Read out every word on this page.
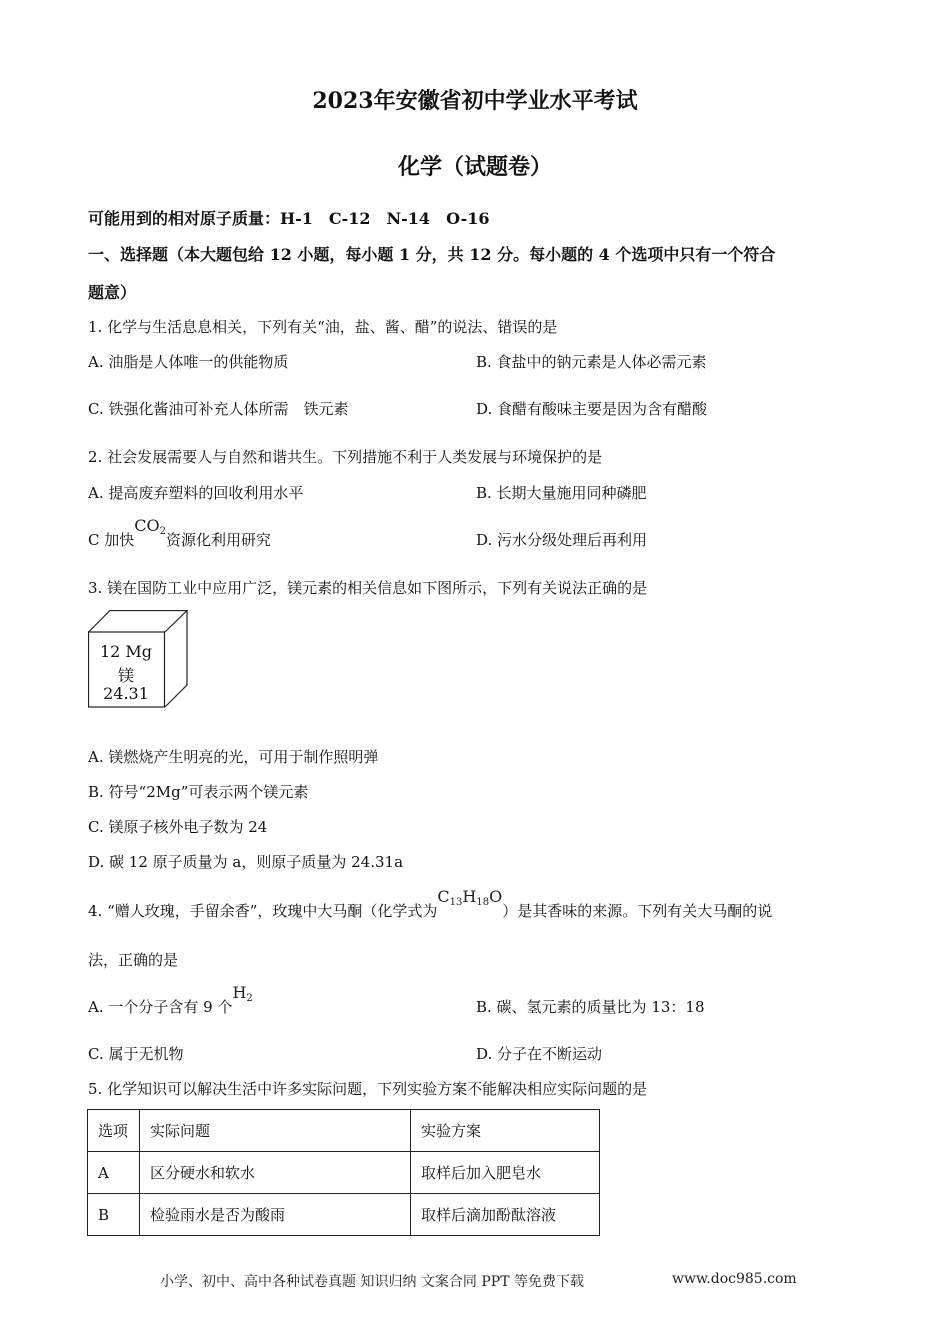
2023年安徽省初中学业水平考试
化学（试题卷）
可能用到的相对原子质量：H-1　C-12　N-14　O-16
一、选择题（本大题包给 12 小题，每小题 1 分，共 12 分。每小题的 4 个选项中只有一个符合
题意）
1. 化学与生活息息相关，下列有关“油，盐、酱、醋”的说法、错误的是
A. 油脂是人体唯一的供能物质	B. 食盐中的钠元素是人体必需元素
C. 铁强化酱油可补充人体所需　铁元素	D. 食醋有酸味主要是因为含有醋酸
2. 社会发展需要人与自然和谐共生。下列措施不利于人类发展与环境保护的是
A. 提高废弃塑料的回收利用水平	B. 长期大量施用同种磷肥
C 加快$CO_2$资源化利用研究	D. 污水分级处理后再利用
3. 镁在国防工业中应用广泛，镁元素的相关信息如下图所示，下列有关说法正确的是
12 Mg
镁
24.31
A. 镁燃烧产生明亮的光，可用于制作照明弹
B. 符号“2Mg”可表示两个镁元素
C. 镁原子核外电子数为 24
D. 碳 12 原子质量为 a，则原子质量为 24.31a
4. “赠人玫瑰，手留余香”，玫瑰中大马酮（化学式为$C_{13}H_{18}O$）是其香味的来源。下列有关大马酮的说
法，正确的是
A. 一个分子含有 9 个$H_2$	B. 碳、氢元素的质量比为 13：18
C. 属于无机物	D. 分子在不断运动
5. 化学知识可以解决生活中许多实际问题，下列实验方案不能解决相应实际问题的是
选项	实际问题	实验方案
A	区分硬水和软水	取样后加入肥皂水
B	检验雨水是否为酸雨	取样后滴加酚酞溶液
小学、初中、高中各种试卷真题 知识归纳 文案合同 PPT 等免费下载	www.doc985.com
